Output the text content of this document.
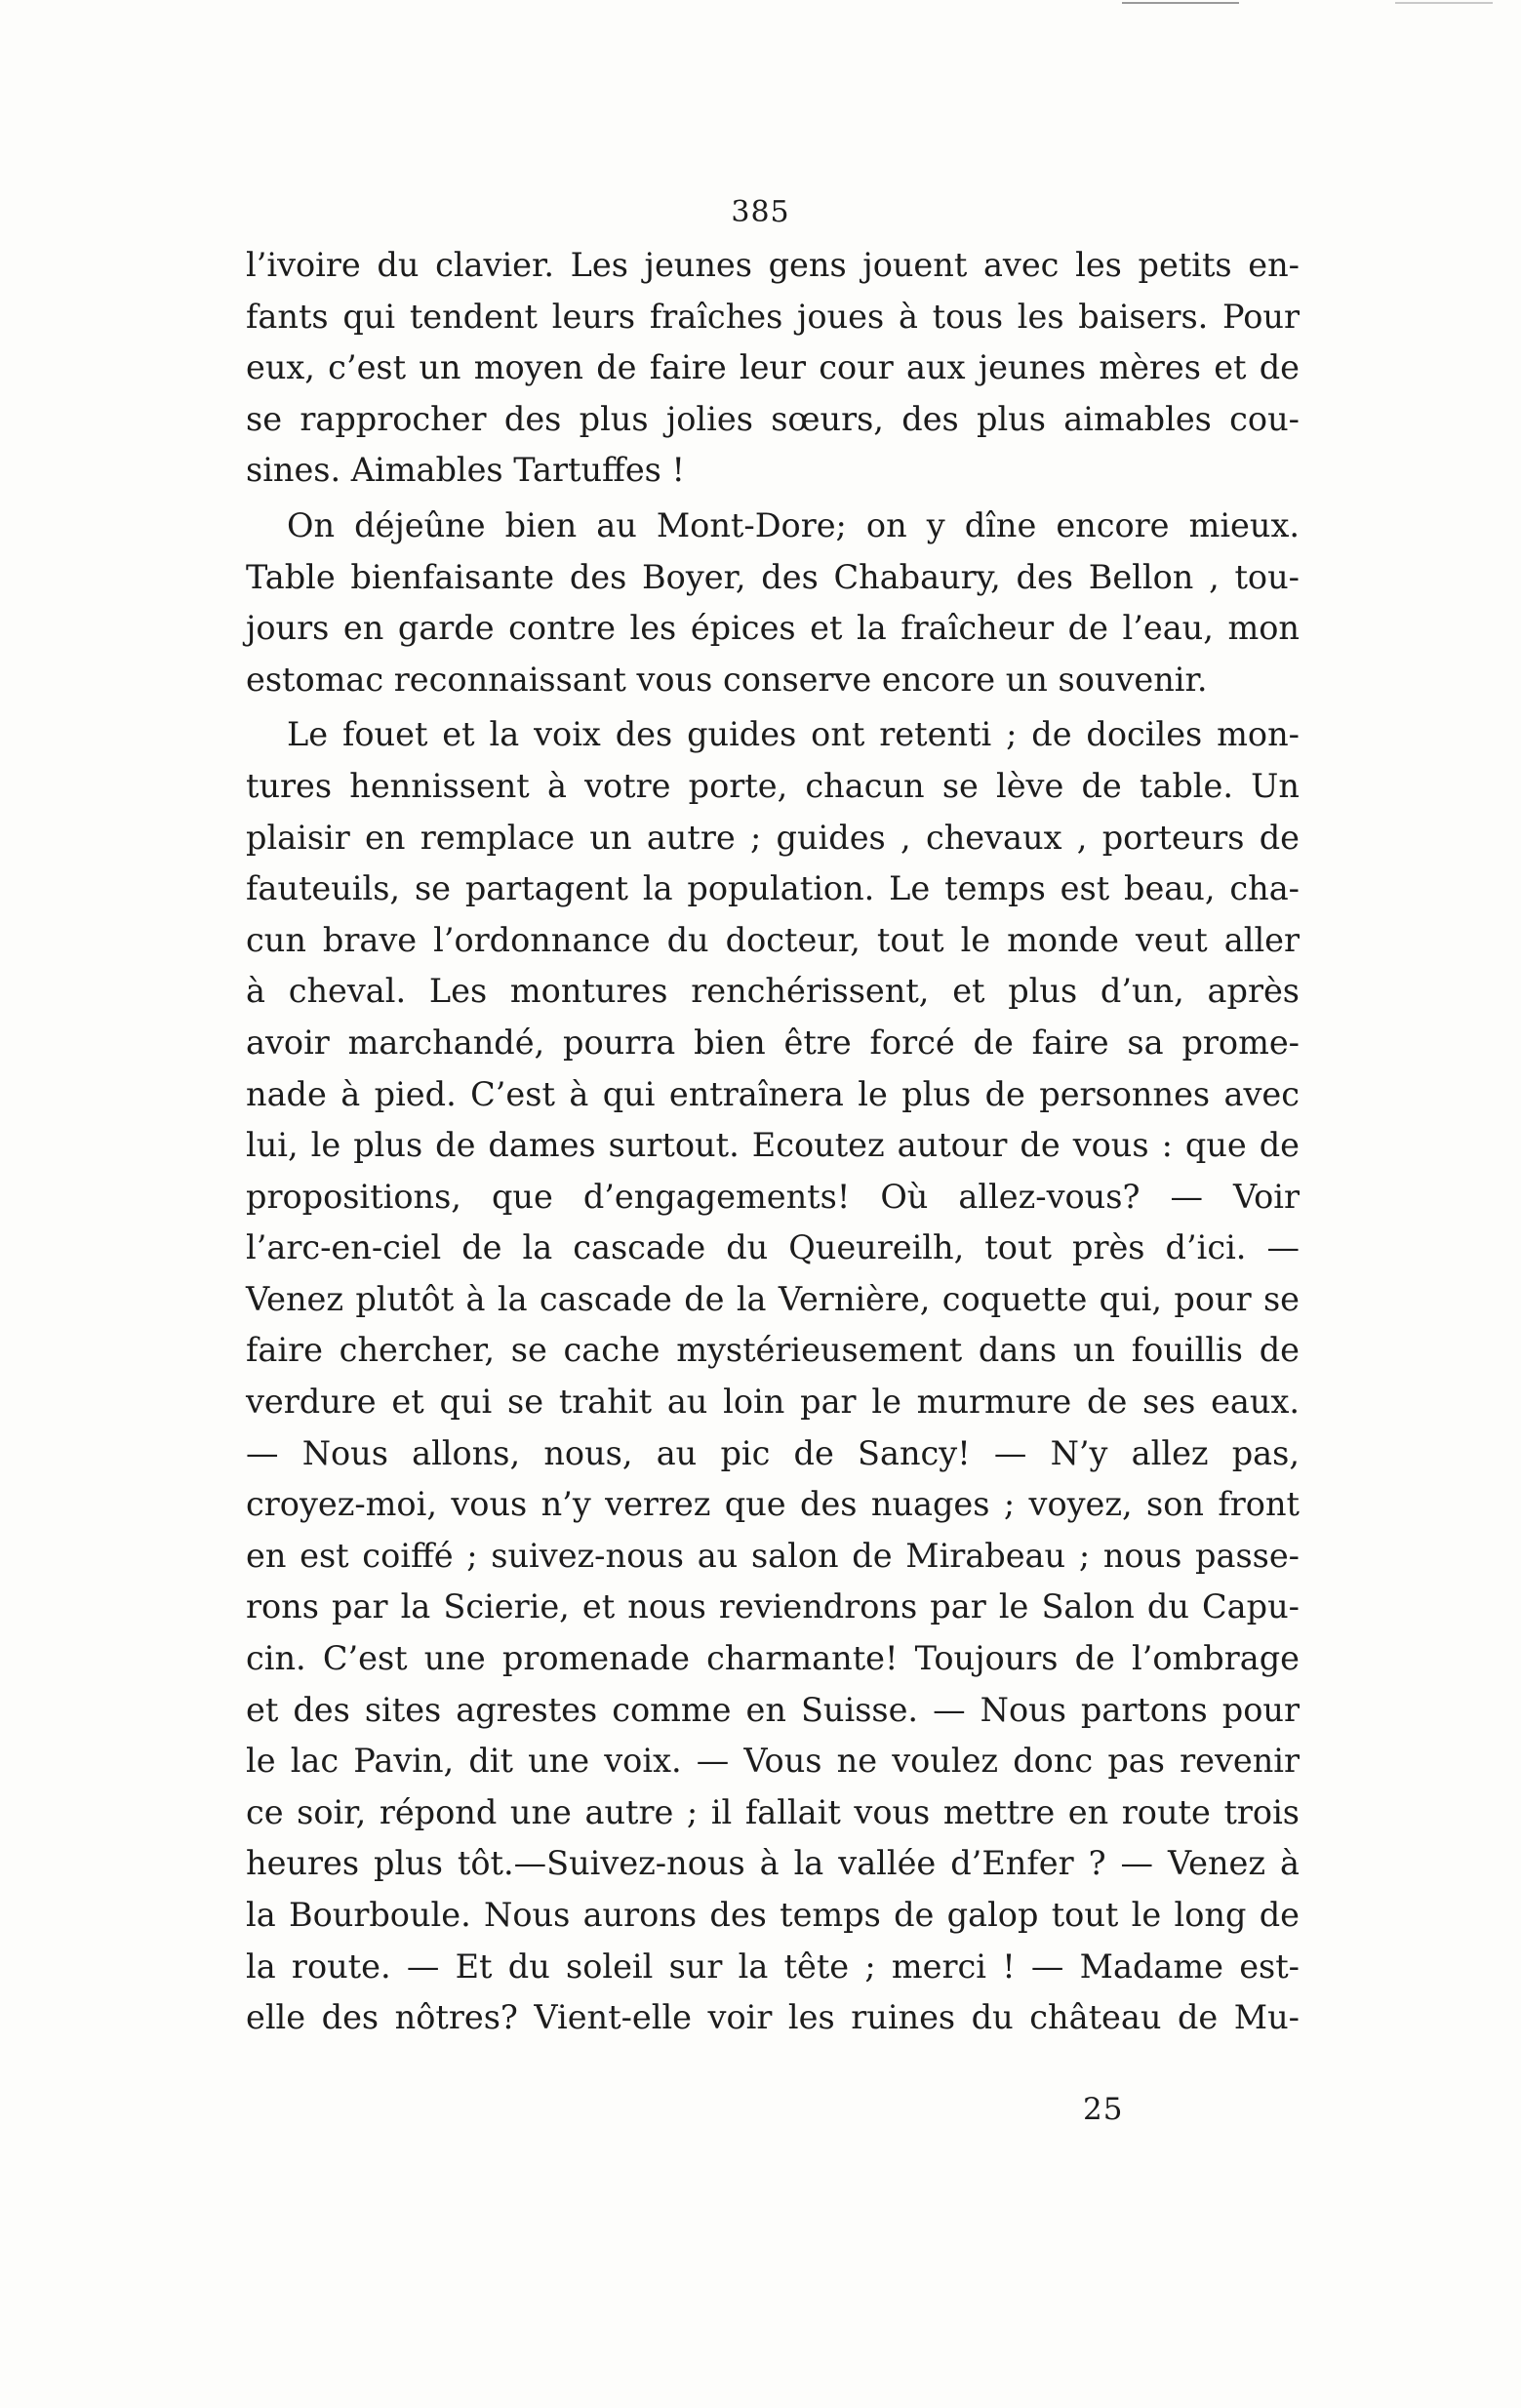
385
l’ivoire du clavier. Les jeunes gens jouent avec les petits en-
fants qui tendent leurs fraîches joues à tous les baisers. Pour
eux, c’est un moyen de faire leur cour aux jeunes mères et de
se rapprocher des plus jolies sœurs, des plus aimables cou-
sines. Aimables Tartuffes !
On déjeûne bien au Mont-Dore; on y dîne encore mieux.
Table bienfaisante des Boyer, des Chabaury, des Bellon , tou-
jours en garde contre les épices et la fraîcheur de l’eau, mon
estomac reconnaissant vous conserve encore un souvenir.
Le fouet et la voix des guides ont retenti ; de dociles mon-
tures hennissent à votre porte, chacun se lève de table. Un
plaisir en remplace un autre ; guides , chevaux , porteurs de
fauteuils, se partagent la population. Le temps est beau, cha-
cun brave l’ordonnance du docteur, tout le monde veut aller
à cheval. Les montures renchérissent, et plus d’un, après
avoir marchandé, pourra bien être forcé de faire sa prome-
nade à pied. C’est à qui entraînera le plus de personnes avec
lui, le plus de dames surtout. Ecoutez autour de vous : que de
propositions, que d’engagements! Où allez-vous? — Voir
l’arc-en-ciel de la cascade du Queureilh, tout près d’ici. —
Venez plutôt à la cascade de la Vernière, coquette qui, pour se
faire chercher, se cache mystérieusement dans un fouillis de
verdure et qui se trahit au loin par le murmure de ses eaux.
— Nous allons, nous, au pic de Sancy! — N’y allez pas,
croyez-moi, vous n’y verrez que des nuages ; voyez, son front
en est coiffé ; suivez-nous au salon de Mirabeau ; nous passe-
rons par la Scierie, et nous reviendrons par le Salon du Capu-
cin. C’est une promenade charmante! Toujours de l’ombrage
et des sites agrestes comme en Suisse. — Nous partons pour
le lac Pavin, dit une voix. — Vous ne voulez donc pas revenir
ce soir, répond une autre ; il fallait vous mettre en route trois
heures plus tôt.—Suivez-nous à la vallée d’Enfer ? — Venez à
la Bourboule. Nous aurons des temps de galop tout le long de
la route. — Et du soleil sur la tête ; merci ! — Madame est-
elle des nôtres? Vient-elle voir les ruines du château de Mu-
25
